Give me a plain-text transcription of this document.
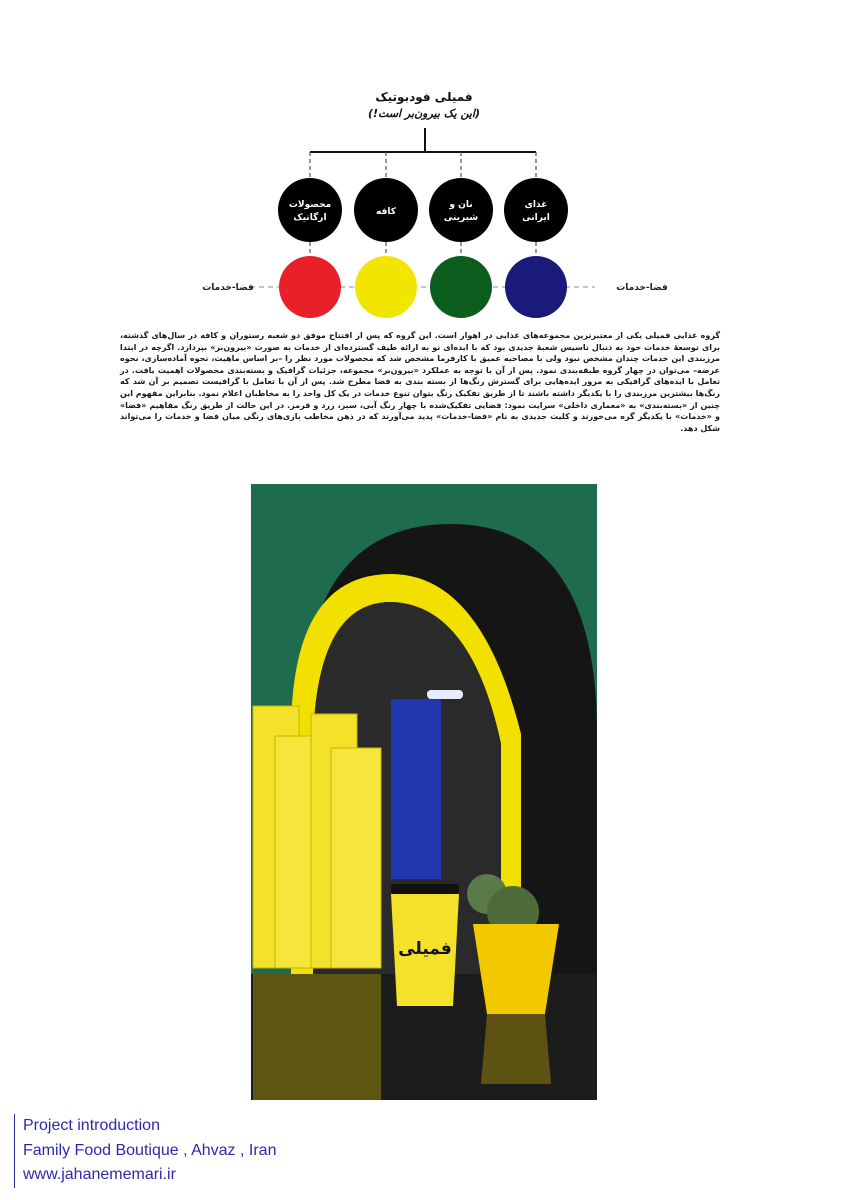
فمیلی فودبوتیک
(این یک بیرون‌بر است!)
غذای
ایرانی
نان و
شیرینی
کافه
محصولات
ارگانیک
فضا-خدمات
فضا-خدمات
گروه غذایی فمیلی یکی از معتبرترین مجموعه‌های غذایی در اهواز است. این گروه که پس از افتتاح موفق دو شعبه رستوران و کافه در سال‌های گذشته، برای توسعهٔ خدمات خود به دنبال تاسیس شعبهٔ جدیدی بود که با ایده‌ای نو به ارائه طیف گسترده‌ای از خدمات به صورت «بیرون‌بر» بپردازد. اگرچه در ابتدا مرزبندی این خدمات چندان مشخص نبود ولی با مصاحبه عمیق با کارفرما مشخص شد که محصولات مورد نظر را –بر اساس ماهیت، نحوه آماده‌سازی، نحوه عرضه– می‌توان در چهار گروه طبقه‌بندی نمود. پس از آن با توجه به عملکرد «بیرون‌بر» مجموعه، جزئیات گرافیک و بسته‌بندی محصولات اهمیت یافت. در تعامل با ایده‌های گرافیکی به مرور ایده‌هایی برای گسترش رنگ‌ها از بسته بندی به فضا مطرح شد. پس از آن با تعامل با گرافیست تصمیم بر آن شد که رنگ‌ها بیشترین مرزبندی را با یکدیگر داشته باشند تا از طریق تفکیک رنگ بتوان تنوع خدمات در یک کل واحد را به مخاطبان اعلام نمود. بنابراین مفهوم این چنین از «بسته‌بندی» به «معماری داخلی» سرایت نمود: فضایی تفکیک‌شده با چهار رنگ آبی، سبز، زرد و قرمز. در این حالت از طریق رنگ مفاهیم «فضا» و «خدمات» با یکدیگر گره می‌خورند و کلیت جدیدی به نام «فضا-خدمات» پدید می‌آورند که در ذهن مخاطب بازی‌های رنگی میان فضا و خدمات را می‌تواند شکل دهد.
فمیلی
Project introduction
Family Food Boutique , Ahvaz , Iran
www.jahanememari.ir
